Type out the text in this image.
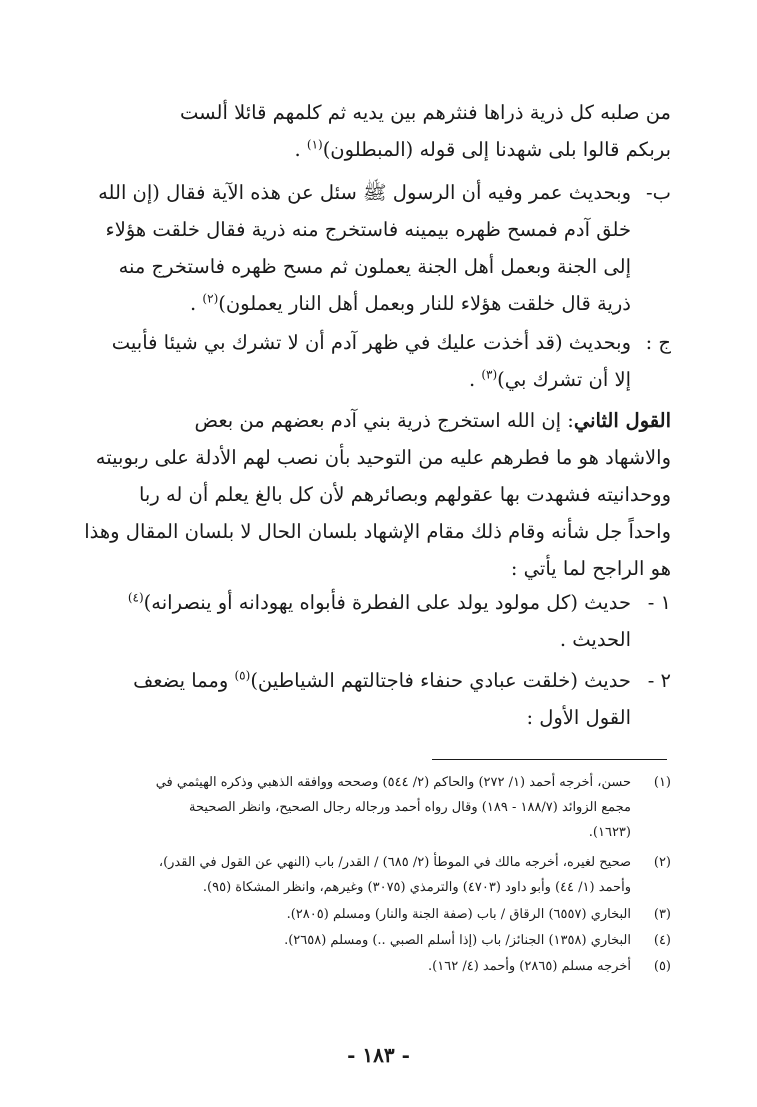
من صلبه كل ذرية ذراها فنثرهم بين يديه ثم كلمهم قائلا ألست
بربكم قالوا بلى شهدنا إلى قوله (المبطلون)$^{(١)}$ .
ب-وبحديث عمر وفيه أن الرسول ﷺ سئل عن هذه الآية فقال (إن الله
خلق آدم فمسح ظهره بيمينه فاستخرج منه ذرية فقال خلقت هؤلاء
إلى الجنة وبعمل أهل الجنة يعملون ثم مسح ظهره فاستخرج منه
ذرية قال خلقت هؤلاء للنار وبعمل أهل النار يعملون)$^{(٢)}$ .
ج :وبحديث (قد أخذت عليك في ظهر آدم أن لا تشرك بي شيئا فأبيت
إلا أن تشرك بي)$^{(٣)}$ .
القول الثاني: إن الله استخرج ذرية بني آدم بعضهم من بعض
والاشهاد هو ما فطرهم عليه من التوحيد بأن نصب لهم الأدلة على ربوبيته
ووحدانيته فشهدت بها عقولهم وبصائرهم لأن كل بالغ يعلم أن له ربا
واحداً جل شأنه وقام ذلك مقام الإشهاد بلسان الحال لا بلسان المقال وهذا
هو الراجح لما يأتي :
١ -حديث (كل مولود يولد على الفطرة فأبواه يهودانه أو ينصرانه)$^{(٤)}$
الحديث .
٢ -حديث (خلقت عبادي حنفاء فاجتالتهم الشياطين)$^{(٥)}$ ومما يضعف
القول الأول :
(١)
حسن، أخرجه أحمد (١/ ٢٧٢) والحاكم (٢/ ٥٤٤) وصححه ووافقه الذهبي وذكره الهيثمي في
مجمع الزوائد (١٨٨/٧ - ١٨٩) وقال رواه أحمد ورجاله رجال الصحيح، وانظر الصحيحة
(١٦٢٣).
(٢)
صحيح لغيره، أخرجه مالك في الموطأ (٢/ ٦٨٥) / القدر/ باب (النهي عن القول في القدر)،
وأحمد (١/ ٤٤) وأبو داود (٤٧٠٣) والترمذي (٣٠٧٥) وغيرهم، وانظر المشكاة (٩٥).
(٣)
البخاري (٦٥٥٧) الرقاق / باب (صفة الجنة والنار) ومسلم (٢٨٠٥).
(٤)
البخاري (١٣٥٨) الجنائز/ باب (إذا أسلم الصبي ..) ومسلم (٢٦٥٨).
(٥)
أخرجه مسلم (٢٨٦٥) وأحمد (٤/ ١٦٢).
- ١٨٣ -
